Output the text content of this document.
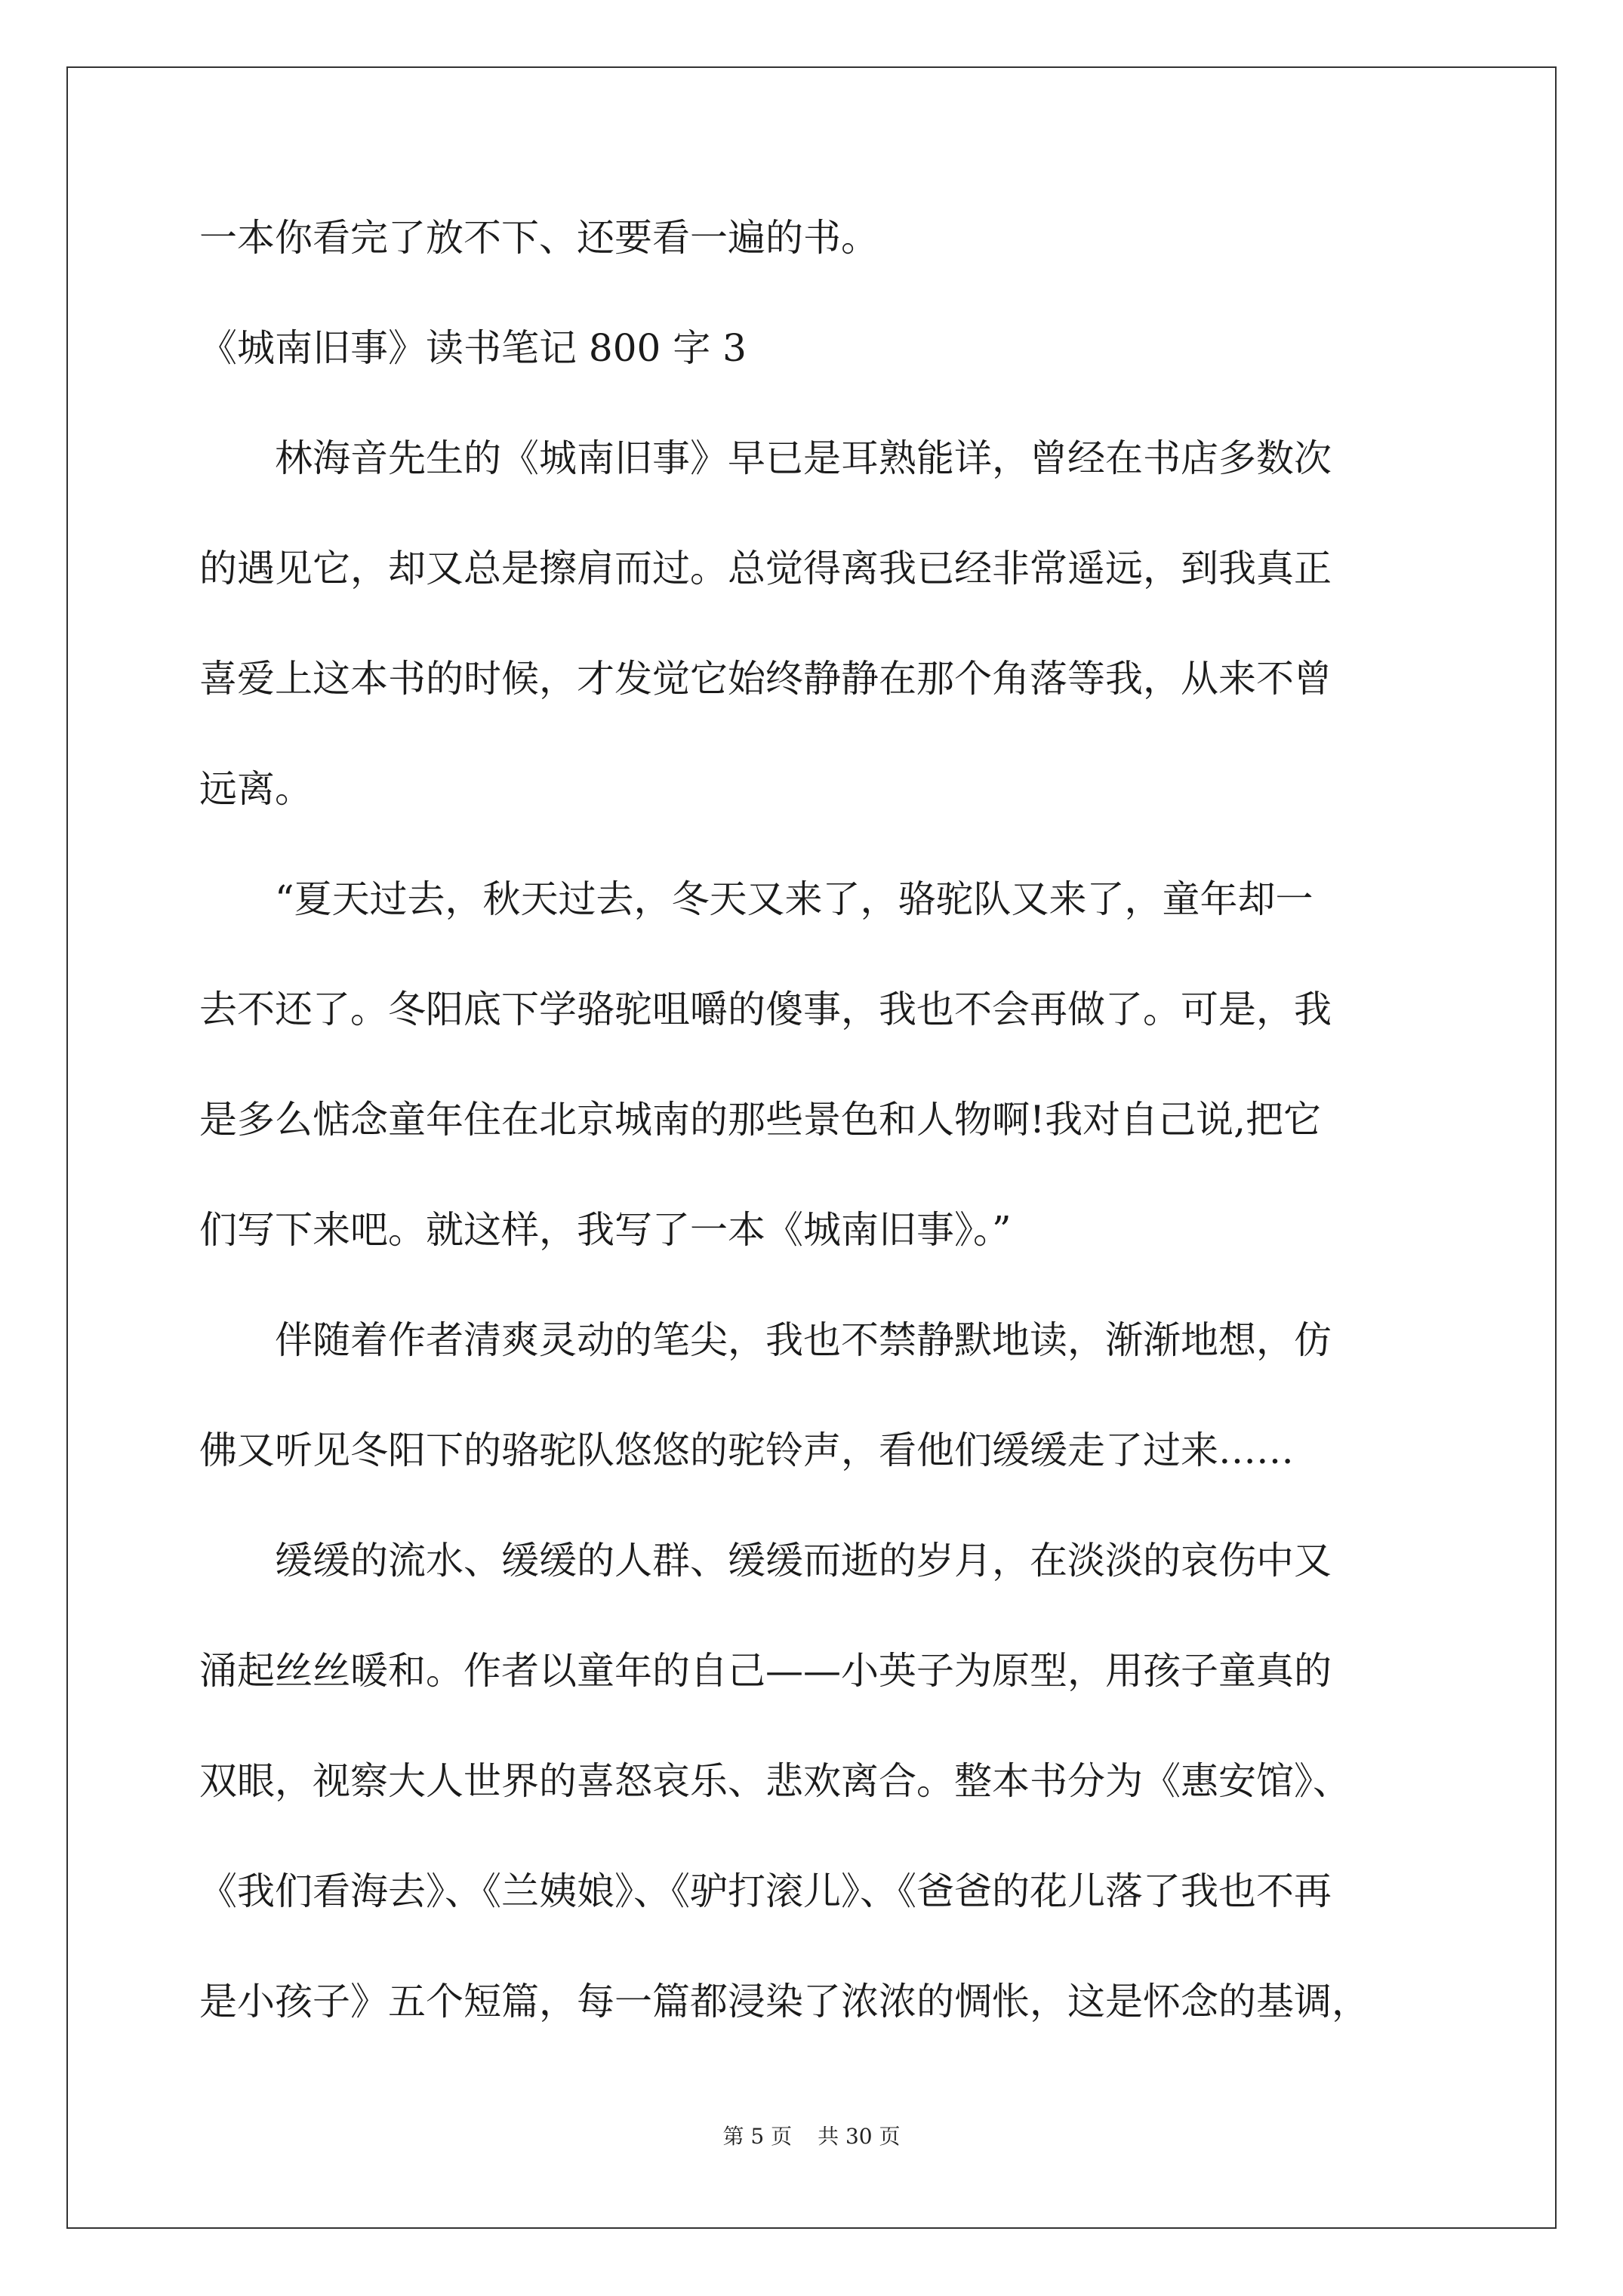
一本你看完了放不下、还要看一遍的书。
《城南旧事》读书笔记 800 字 3
　　林海音先生的《城南旧事》早已是耳熟能详，曾经在书店多数次
的遇见它，却又总是擦肩而过。总觉得离我已经非常遥远，到我真正
喜爱上这本书的时候，才发觉它始终静静在那个角落等我，从来不曾
远离。
　　“夏天过去，秋天过去，冬天又来了，骆驼队又来了，童年却一
去不还了。冬阳底下学骆驼咀嚼的傻事，我也不会再做了。可是，我
是多么惦念童年住在北京城南的那些景色和人物啊!我对自己说,把它
们写下来吧。就这样，我写了一本《城南旧事》。”
　　伴随着作者清爽灵动的笔尖，我也不禁静默地读，渐渐地想，仿
佛又听见冬阳下的骆驼队悠悠的驼铃声，看他们缓缓走了过来……
　　缓缓的流水、缓缓的人群、缓缓而逝的岁月，在淡淡的哀伤中又
涌起丝丝暖和。作者以童年的自己——小英子为原型，用孩子童真的
双眼，视察大人世界的喜怒哀乐、悲欢离合。整本书分为《惠安馆》、
《我们看海去》、《兰姨娘》、《驴打滚儿》、《爸爸的花儿落了我也不再
是小孩子》五个短篇，每一篇都浸染了浓浓的惆怅，这是怀念的基调，
第 5 页 共 30 页
